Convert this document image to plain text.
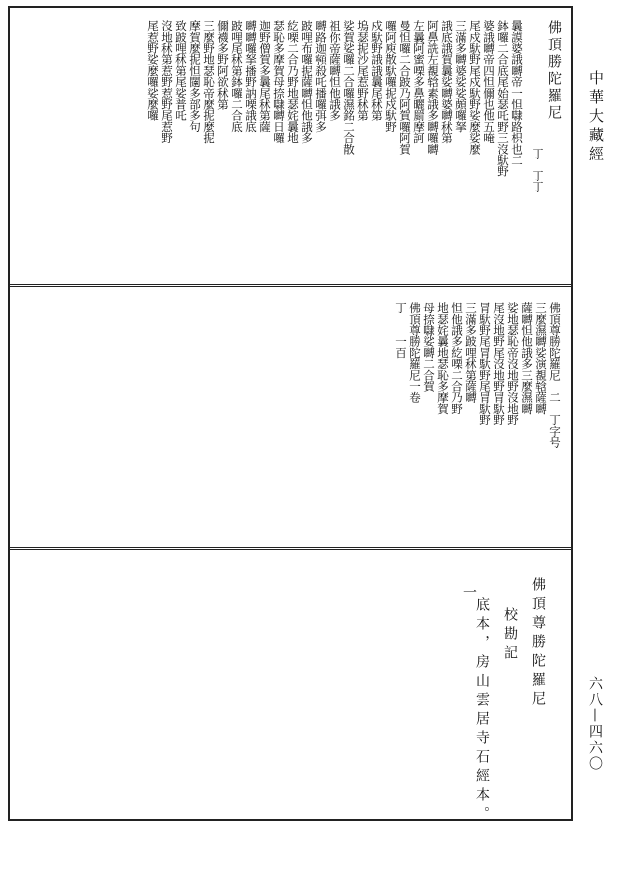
佛頂勝陀羅尼
丁　丁丁
曩謨婆誐嚩帝一怛㘑路枳也二
鉢囉二合底尾始瑟吒野三沒馱野
婆誐嚩帝四怛儞也他五唵
尾戍馱野尾戍馱野娑麼娑麼
三滿多嚩婆娑娑頗囉拏
誐底誐賀曩娑嚩婆嚩秫第
阿鼻詵左覩𤚥素誐多嚩囉嚩
左曩阿蜜㗚多鼻曬罽摩訶
曼怛囉二合跛乃阿賀囉阿賀
囉阿庾散馱囉抳戍馱野
戍馱野誐誐曩尾秫第
塢瑟抳沙尾惹野秫第
娑賀娑囉二合囉濕銘二合散
祖你帝薩嚩怛他誐多
嚩路迦𩕳殺吒播囉弭多
跛哩布囉抳薩嚩怛他誐多
紇㗚二合乃野地瑟姹曩地
瑟恥多摩賀母捺㘑嚩日囉
迦野僧賀多曩尾秫第薩
嚩嚩囉拏播野訥㗚誐底
跛哩尾秫第鉢囉二合底
儞襪多野阿欲秫第
三麼野地瑟恥帝麼抳麼抳
摩賀麼抳怛闥多部多句
致跛哩秫第尾娑普吒
沒地秫第惹野惹野尾惹野
尾惹野娑麼囉娑麼囉
佛頂尊勝陀羅尼　二　丁字号
三麼濕嚩娑演覩𤚥薩嚩
薩嚩怛他誐多三麼濕嚩
娑地瑟恥帝沒地野沒地野
尾沒地野尾沒地野冐馱野
冐馱野尾冐馱野尾冐馱野
三滿多跛哩秫第薩嚩
怛他誐多紇㗚二合乃野
地瑟姹曩地瑟恥多摩賀
母捺㘑娑嚩二合賀
佛頂尊勝陀羅尼一卷
丁　　一百
佛頂尊勝陀羅尼
校勘記
底本，房山雲居寺石經本。
一
中華大藏經
六八—四六〇
